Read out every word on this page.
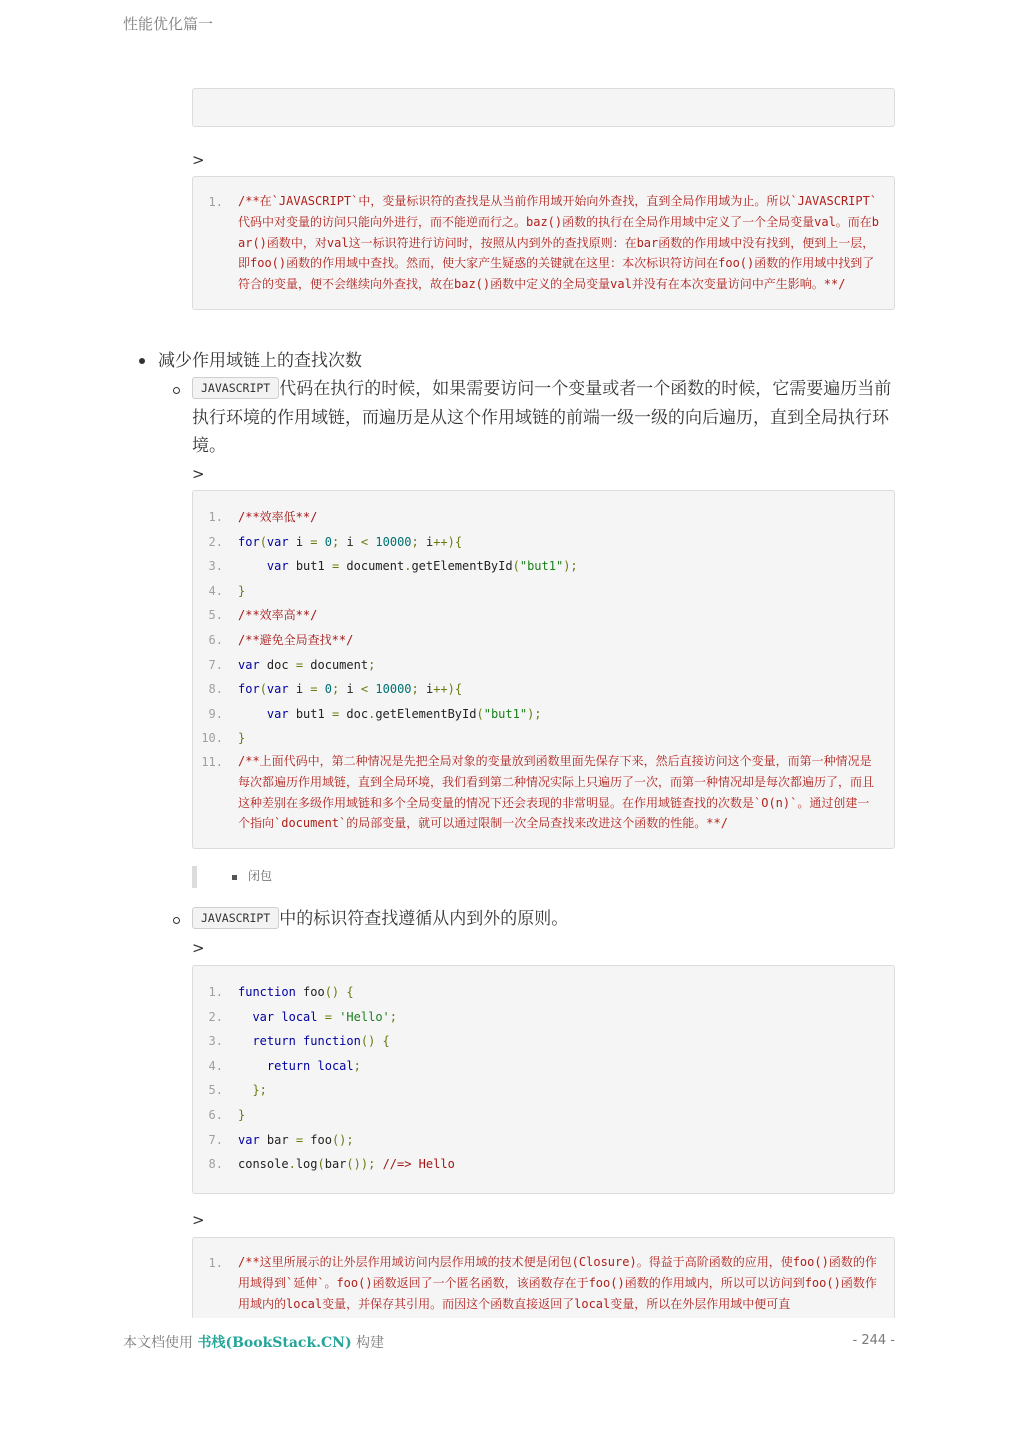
性能优化篇一
>
1.	/**在`JAVASCRIPT`中，变量标识符的查找是从当前作用域开始向外查找，直到全局作用域为止。所以`JAVASCRIPT`代码中对变量的访问只能向外进行，而不能逆而行之。baz()函数的执行在全局作用域中定义了一个全局变量val。而在bar()函数中，对val这一标识符进行访问时，按照从内到外的查找原则：在bar函数的作用域中没有找到，便到上一层，即foo()函数的作用域中查找。然而，使大家产生疑惑的关键就在这里：本次标识符访问在foo()函数的作用域中找到了符合的变量，便不会继续向外查找，故在baz()函数中定义的全局变量val并没有在本次变量访问中产生影响。**/
减少作用域链上的查找次数
JAVASCRIPT 代码在执行的时候，如果需要访问一个变量或者一个函数的时候，它需要遍历当前执行环境的作用域链，而遍历是从这个作用域链的前端一级一级的向后遍历，直到全局执行环境。
>
1.	/**效率低**/
2.	for(var i = 0; i < 10000; i++){
3.	var but1 = document.getElementById("but1");
4.	}
5.	/**效率高**/
6.	/**避免全局查找**/
7.	var doc = document;
8.	for(var i = 0; i < 10000; i++){
9.	var but1 = doc.getElementById("but1");
10.	}
11.	/**上面代码中，第二种情况是先把全局对象的变量放到函数里面先保存下来，然后直接访问这个变量，而第一种情况是每次都遍历作用域链，直到全局环境，我们看到第二种情况实际上只遍历了一次，而第一种情况却是每次都遍历了，而且这种差别在多级作用域链和多个全局变量的情况下还会表现的非常明显。在作用域链查找的次数是`O(n)`。通过创建一个指向`document`的局部变量，就可以通过限制一次全局查找来改进这个函数的性能。**/
闭包
JAVASCRIPT 中的标识符查找遵循从内到外的原则。
>
1.	function foo() {
2.	var local = 'Hello';
3.	return function() {
4.	return local;
5.	};
6.	}
7.	var bar = foo();
8.	console.log(bar()); //=> Hello
>
1.	/**这里所展示的让外层作用域访问内层作用域的技术便是闭包(Closure)。得益于高阶函数的应用，使foo()函数的作用域得到`延伸`。foo()函数返回了一个匿名函数，该函数存在于foo()函数的作用域内，所以可以访问到foo()函数作用域内的local变量，并保存其引用。而因这个函数直接返回了local变量，所以在外层作用域中便可直
本文档使用 书栈(BookStack.CN) 构建	- 244 -
